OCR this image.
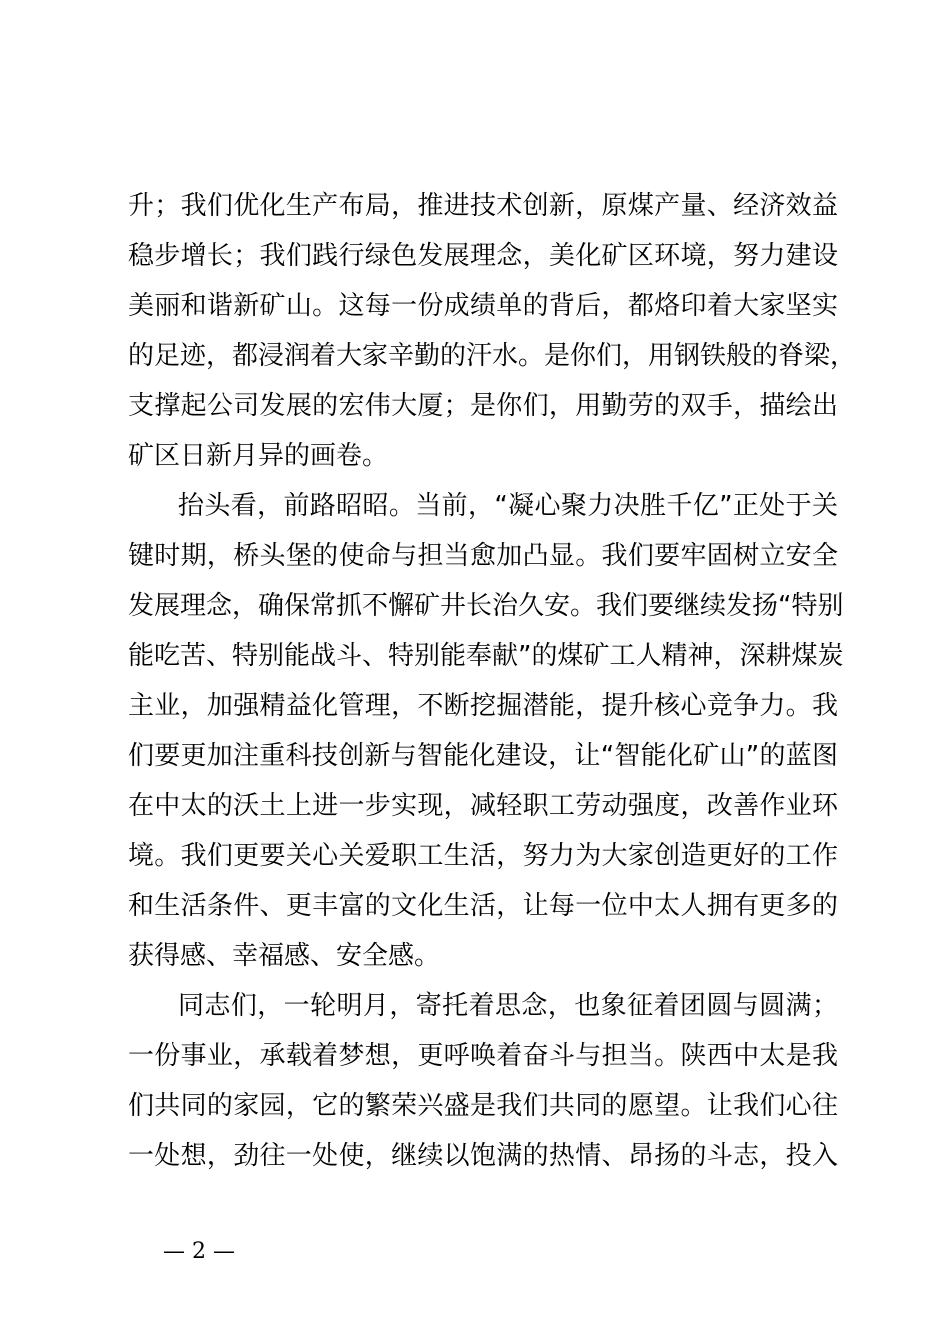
升；我们优化生产布局，推进技术创新，原煤产量、经济效益
稳步增长；我们践行绿色发展理念，美化矿区环境，努力建设
美丽和谐新矿山。这每一份成绩单的背后，都烙印着大家坚实
的足迹，都浸润着大家辛勤的汗水。是你们，用钢铁般的脊梁，
支撑起公司发展的宏伟大厦；是你们，用勤劳的双手，描绘出
矿区日新月异的画卷。
抬头看，前路昭昭。当前，“凝心聚力决胜千亿”正处于关
键时期，桥头堡的使命与担当愈加凸显。我们要牢固树立安全
发展理念，确保常抓不懈矿井长治久安。我们要继续发扬“特别
能吃苦、特别能战斗、特别能奉献”的煤矿工人精神，深耕煤炭
主业，加强精益化管理，不断挖掘潜能，提升核心竞争力。我
们要更加注重科技创新与智能化建设，让“智能化矿山”的蓝图
在中太的沃土上进一步实现，减轻职工劳动强度，改善作业环
境。我们更要关心关爱职工生活，努力为大家创造更好的工作
和生活条件、更丰富的文化生活，让每一位中太人拥有更多的
获得感、幸福感、安全感。
同志们，一轮明月，寄托着思念，也象征着团圆与圆满；
一份事业，承载着梦想，更呼唤着奋斗与担当。陕西中太是我
们共同的家园，它的繁荣兴盛是我们共同的愿望。让我们心往
一处想，劲往一处使，继续以饱满的热情、昂扬的斗志，投入
— 2 —
